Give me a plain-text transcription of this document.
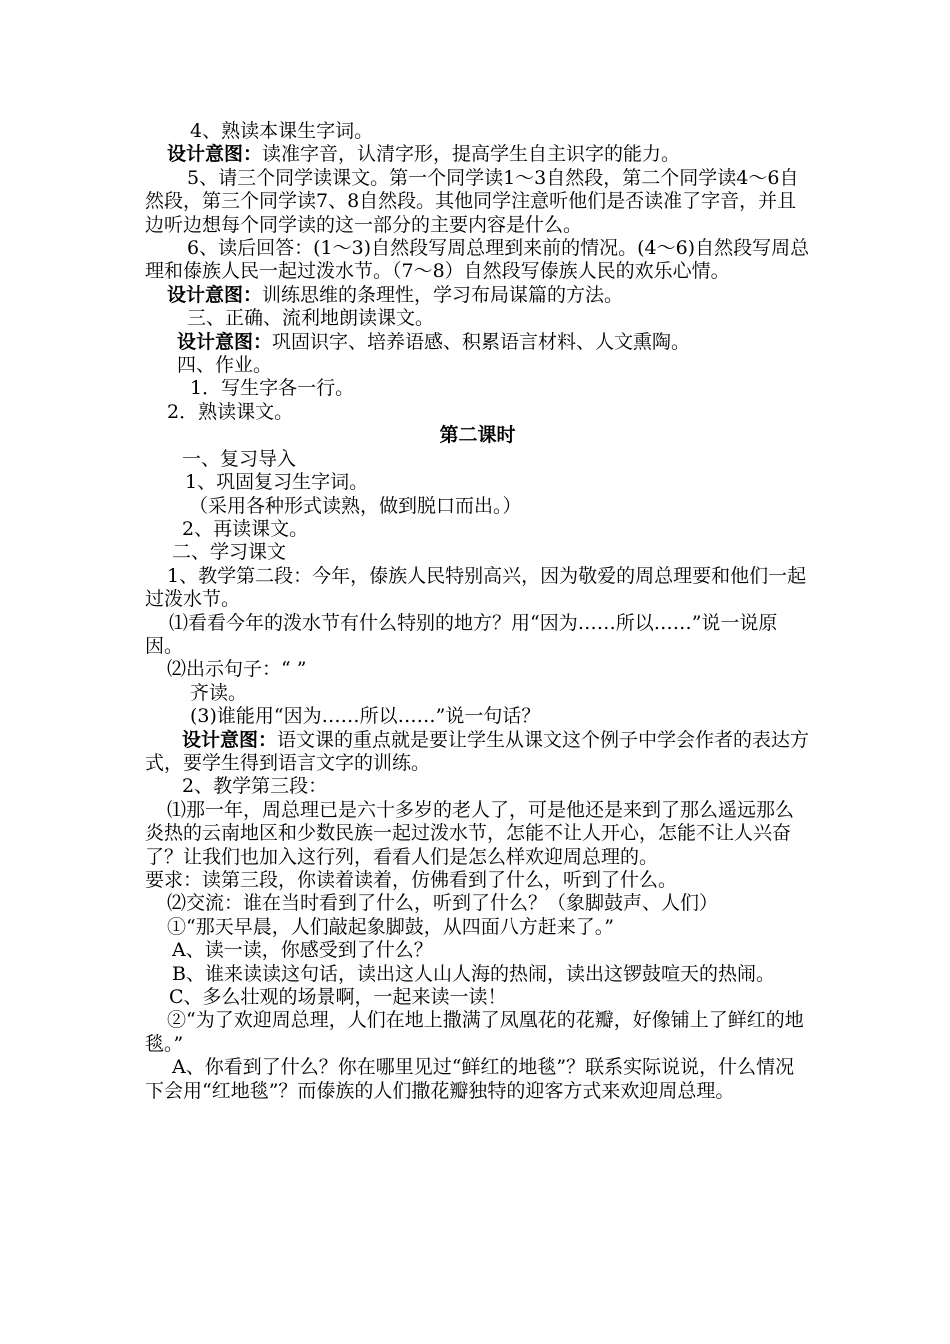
4、熟读本课生字词。
设计意图：读准字音，认清字形，提高学生自主识字的能力。
5、请三个同学读课文。第一个同学读1～3自然段，第二个同学读4～6自 然段，第三个同学读7、8自然段。其他同学注意听他们是否读准了字音，并且边听边想每个同学读的这一部分的主要内容是什么。
6、读后回答：(1～3)自然段写周总理到来前的情况。(4～6)自然段写周总理和傣族人民一起过泼水节。（7～8）自然段写傣族人民的欢乐心情。
设计意图：训练思维的条理性，学习布局谋篇的方法。
三、正确、流利地朗读课文。
设计意图：巩固识字、培养语感、积累语言材料、人文熏陶。
四、作业。
1．写生字各一行。
2．熟读课文。
第二课时
一、复习导入
1、巩固复习生字词。
（采用各种形式读熟，做到脱口而出。）
2、再读课文。
二、学习课文
1、教学第二段：今年，傣族人民特别高兴，因为敬爱的周总理要和他们一起过泼水节。
⑴看看今年的泼水节有什么特别的地方？用“因为……所以……”说一说原因。
⑵出示句子：“ ”
齐读。
(3)谁能用“因为……所以……”说一句话？
设计意图：语文课的重点就是要让学生从课文这个例子中学会作者的表达方式，要学生得到语言文字的训练。
2、教学第三段：
⑴那一年，周总理已是六十多岁的老人了，可是他还是来到了那么遥远那么炎热的云南地区和少数民族一起过泼水节，怎能不让人开心，怎能不让人兴奋了？让我们也加入这行列，看看人们是怎么样欢迎周总理的。
要求：读第三段，你读着读着，仿佛看到了什么，听到了什么。
⑵交流：谁在当时看到了什么，听到了什么？（象脚鼓声、人们）
①“那天早晨，人们敲起象脚鼓，从四面八方赶来了。”
A、读一读，你感受到了什么？
B、谁来读读这句话，读出这人山人海的热闹，读出这锣鼓喧天的热闹。
C、多么壮观的场景啊，一起来读一读！
②“为了欢迎周总理，人们在地上撒满了凤凰花的花瓣，好像铺上了鲜红的地毯。”
A、你看到了什么？你在哪里见过“鲜红的地毯”？联系实际说说，什么情况下会用“红地毯”？而傣族的人们撒花瓣独特的迎客方式来欢迎周总理。
